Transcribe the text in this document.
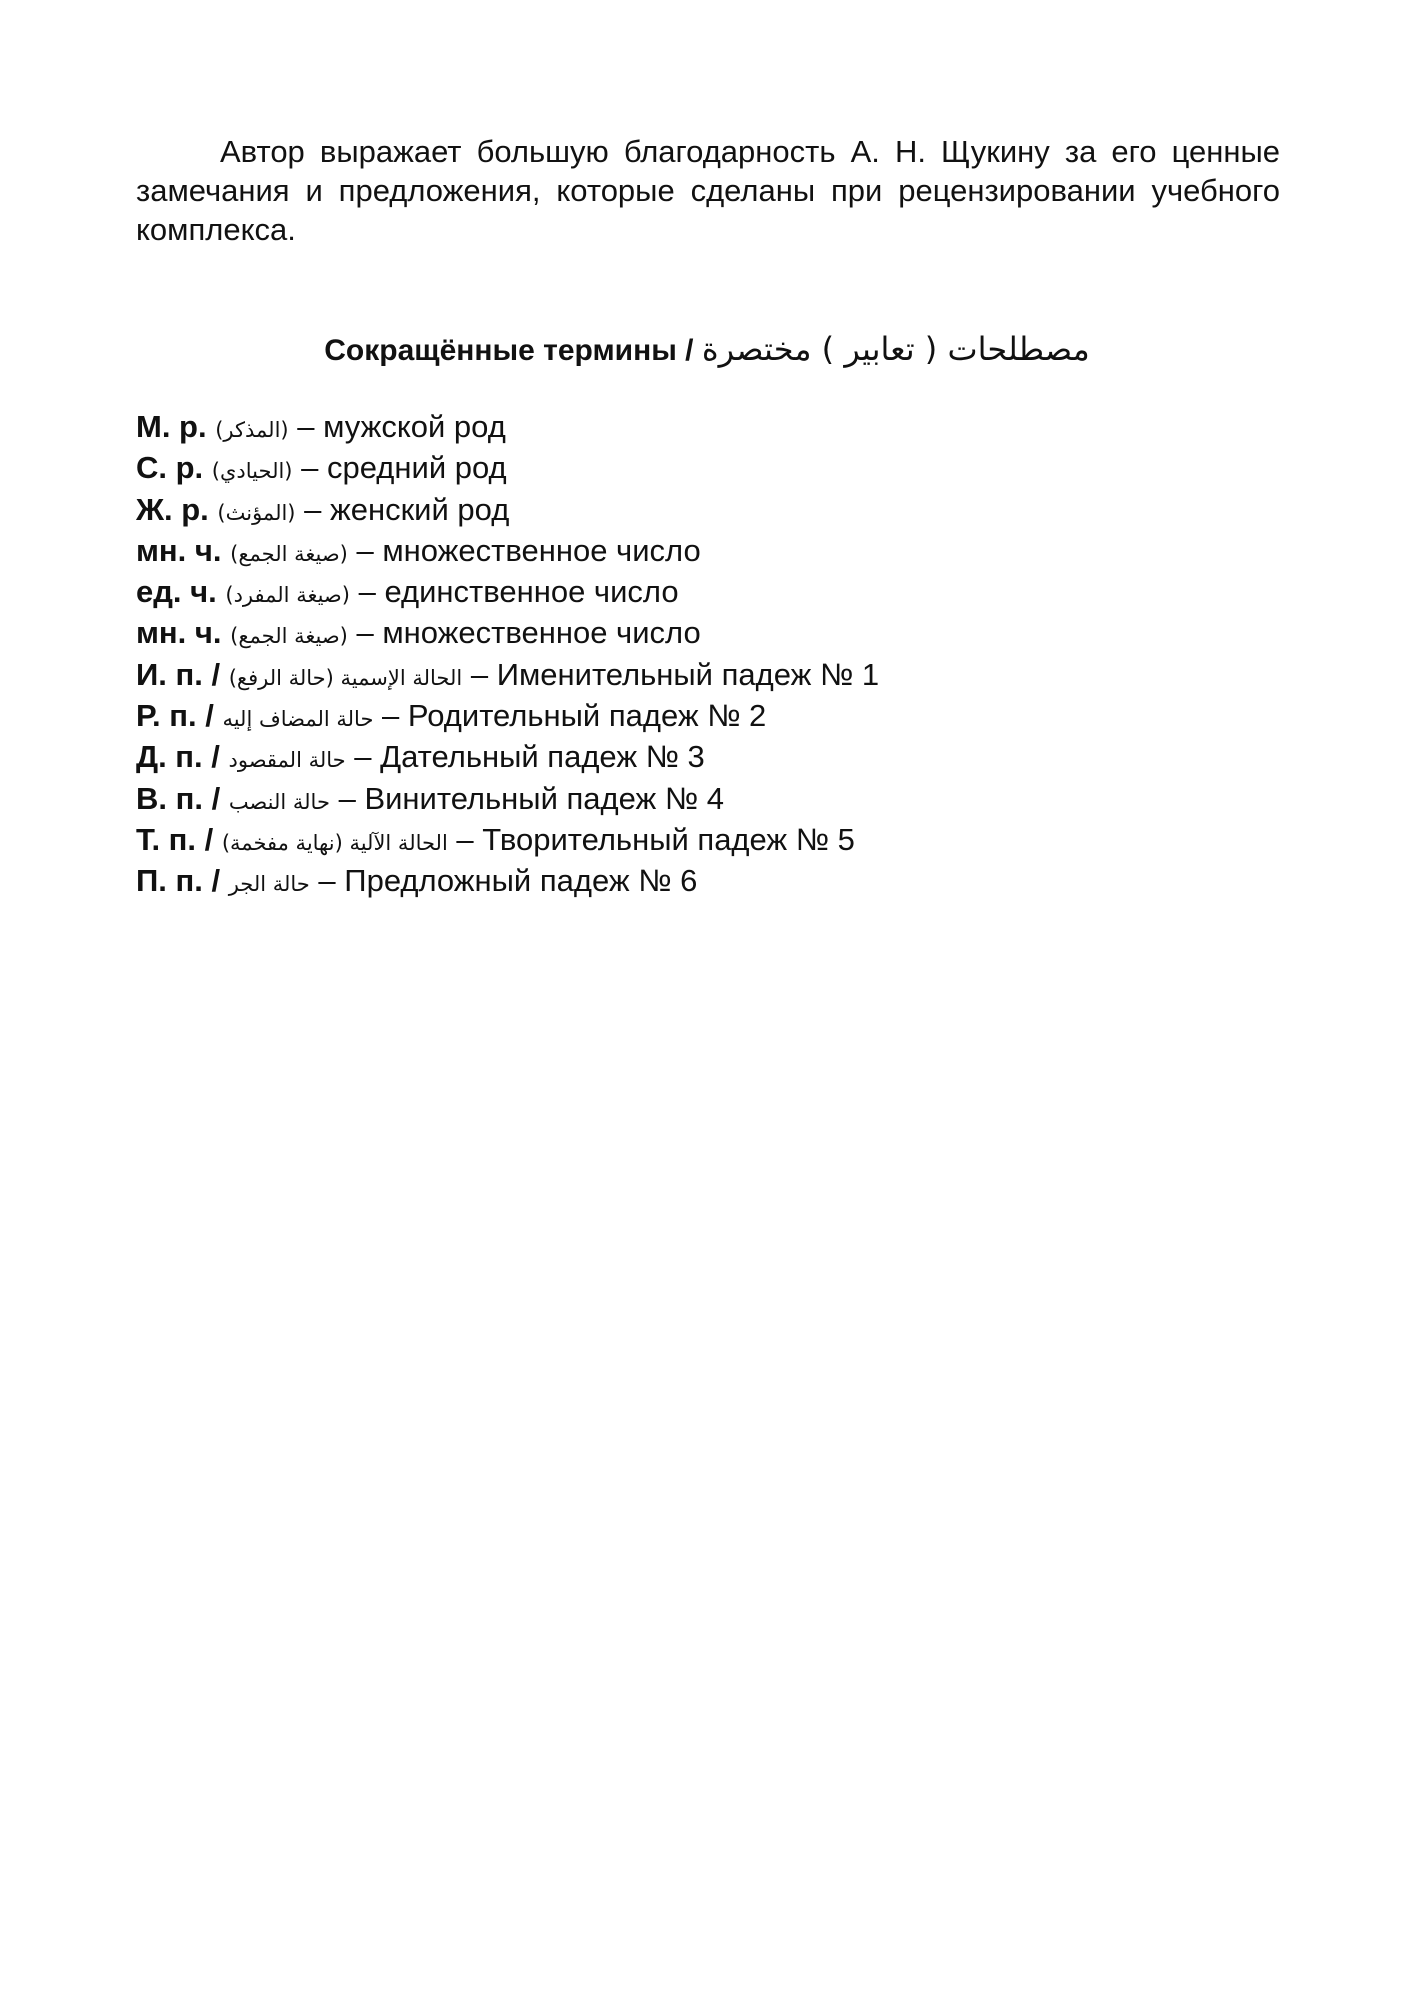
Автор выражает большую благодарность А. Н. Щукину за его ценные замечания и предложения, которые сделаны при рецензировании учебного комплекса.

Сокращённые термины / مصطلحات ( تعابير ) مختصرة
М. р. (المذكر) – мужской род
С. р. (الحيادي) – средний род
Ж. р. (المؤنث) – женский род
мн. ч. (صيغة الجمع) – множественное число
ед. ч. (صيغة المفرد) – единственное число
мн. ч. (صيغة الجمع) – множественное число
И. п. / الحالة الإسمية (حالة الرفع) – Именительный падеж № 1
Р. п. / حالة المضاف إليه – Родительный падеж № 2
Д. п. / حالة المقصود – Дательный падеж № 3
В. п. / حالة النصب – Винительный падеж № 4
Т. п. / الحالة الآلية (نهاية مفخمة) – Творительный падеж № 5
П. п. / حالة الجر – Предложный падеж № 6
